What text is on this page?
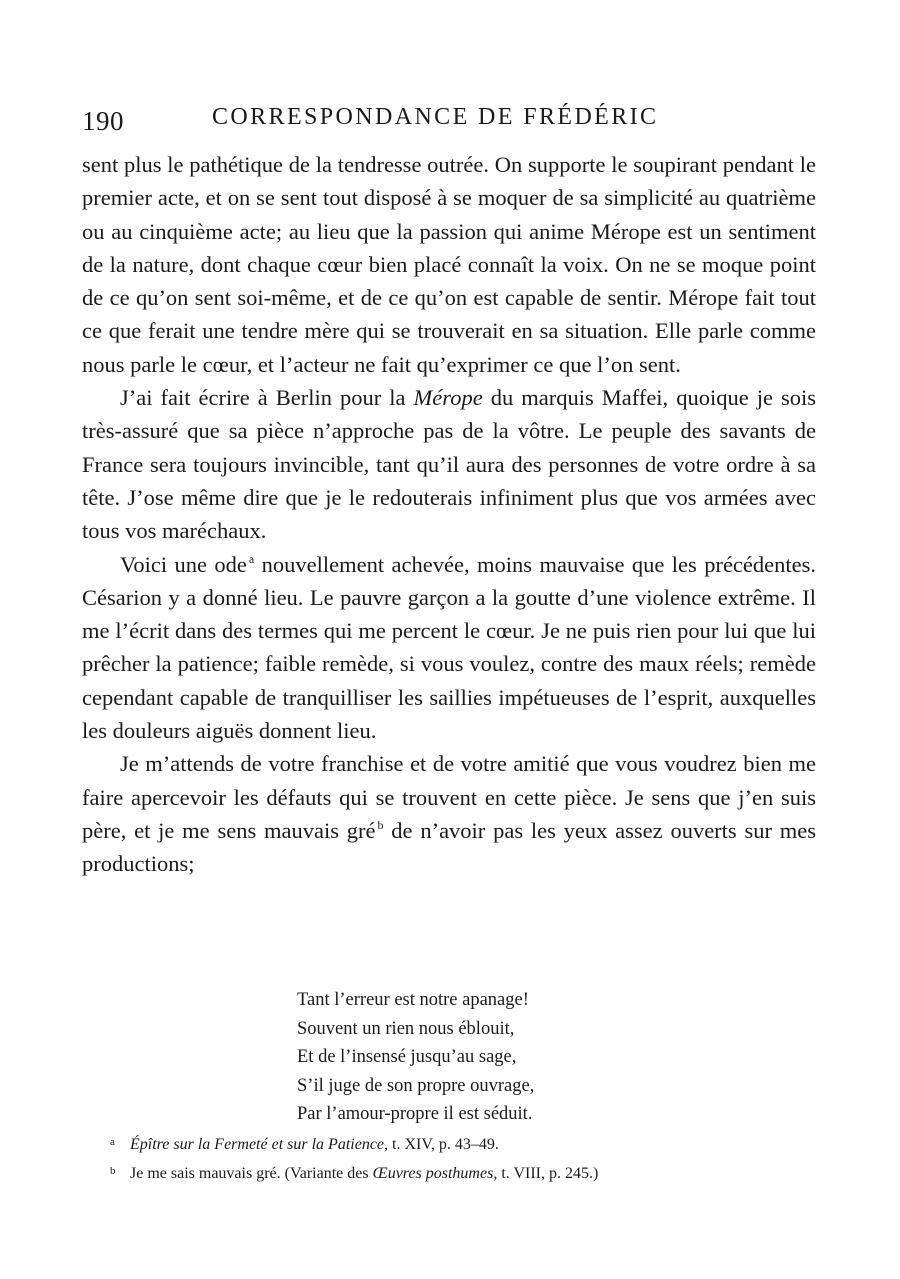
190	CORRESPONDANCE DE FRÉDÉRIC

sent plus le pathétique de la tendresse outrée. On supporte le soupirant pendant le premier acte, et on se sent tout disposé à se moquer de sa simplicité au quatrième ou au cinquième acte; au lieu que la passion qui anime Mérope est un sentiment de la nature, dont chaque cœur bien placé connaît la voix. On ne se moque point de ce qu’on sent soi-même, et de ce qu’on est capable de sentir. Mérope fait tout ce que ferait une tendre mère qui se trouverait en sa situation. Elle parle comme nous parle le cœur, et l’acteur ne fait qu’exprimer ce que l’on sent.

J’ai fait écrire à Berlin pour la Mérope du marquis Maffei, quoique je sois très-assuré que sa pièce n’approche pas de la vôtre. Le peuple des savants de France sera toujours invincible, tant qu’il aura des personnes de votre ordre à sa tête. J’ose même dire que je le redouterais infiniment plus que vos armées avec tous vos maréchaux.

Voici une ode $^a$ nouvellement achevée, moins mauvaise que les précédentes. Césarion y a donné lieu. Le pauvre garçon a la goutte d’une violence extrême. Il me l’écrit dans des termes qui me percent le cœur. Je ne puis rien pour lui que lui prêcher la patience; faible remède, si vous voulez, contre des maux réels; remède cependant capable de tranquilliser les saillies impétueuses de l’esprit, auxquelles les douleurs aiguës donnent lieu.

Je m’attends de votre franchise et de votre amitié que vous voudrez bien me faire apercevoir les défauts qui se trouvent en cette pièce. Je sens que j’en suis père, et je me sens mauvais gré $^b$ de n’avoir pas les yeux assez ouverts sur mes productions;

Tant l’erreur est notre apanage!
Souvent un rien nous éblouit,
Et de l’insensé jusqu’au sage,
S’il juge de son propre ouvrage,
Par l’amour-propre il est séduit.
a Épître sur la Fermeté et sur la Patience, t. XIV, p. 43–49.
b Je me sais mauvais gré. (Variante des Œuvres posthumes, t. VIII, p. 245.)
